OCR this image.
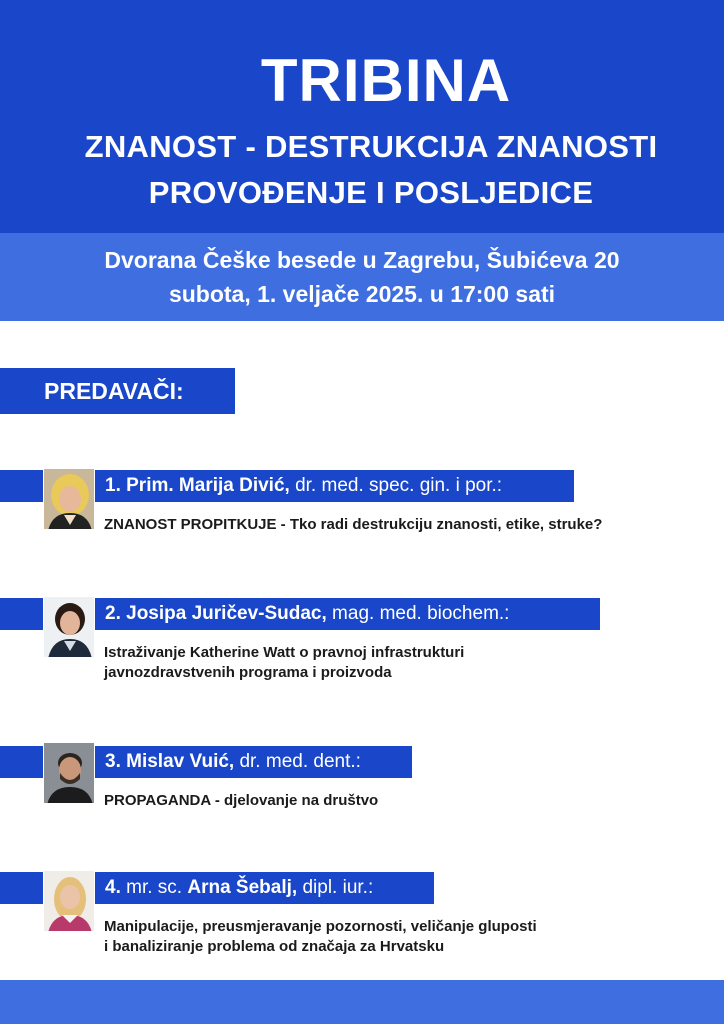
TRIBINA
ZNANOST - DESTRUKCIJA ZNANOSTI
PROVOĐENJE I POSLJEDICE
Dvorana Češke besede u Zagrebu, Šubićeva 20
subota, 1. veljače 2025. u 17:00 sati
PREDAVAČI:
1. Prim. Marija Divić, dr. med. spec. gin. i por.:
ZNANOST PROPITKUJE - Tko radi destrukciju znanosti, etike, struke?
2. Josipa Juričev-Sudac, mag. med. biochem.:
Istraživanje Katherine Watt o pravnoj infrastrukturi
javnozdravstvenih programa i proizvoda
3. Mislav Vuić, dr. med. dent.:
PROPAGANDA - djelovanje na društvo
4. mr. sc. Arna Šebalj, dipl. iur.:
Manipulacije, preusmjeravanje pozornosti, veličanje gluposti
i banaliziranje problema od značaja za Hrvatsku
